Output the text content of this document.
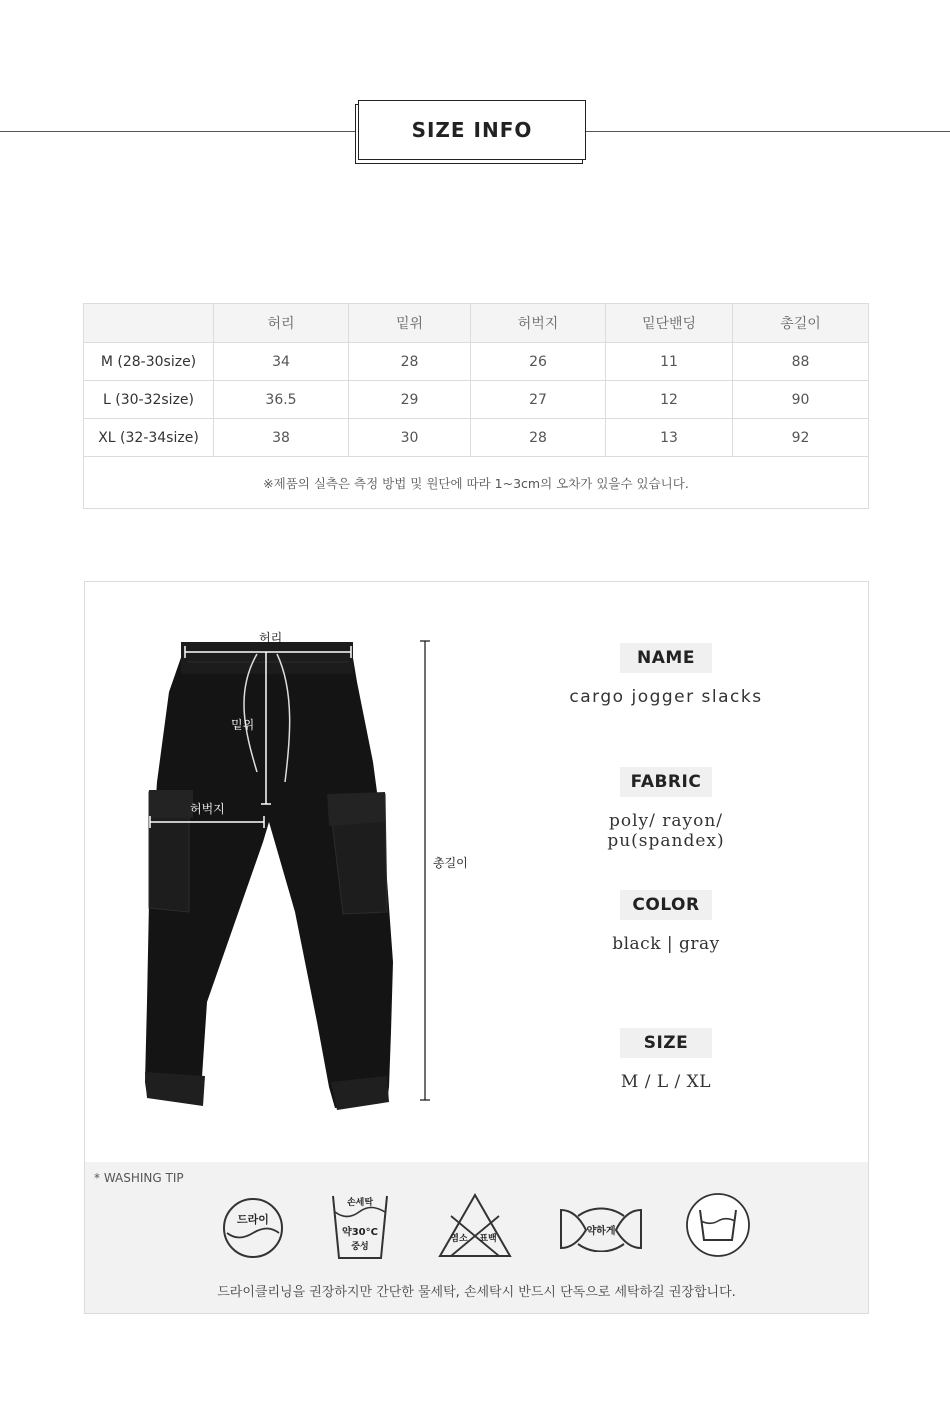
SIZE INFO
	허리	밑위	허벅지	밑단밴딩	총길이
M (28-30size)	34	28	26	11	88
L (30-32size)	36.5	29	27	12	90
XL (32-34size)	38	30	28	13	92
※제품의 실측은 측정 방법 및 원단에 따라 1~3cm의 오차가 있을수 있습니다.					
허리
밑위
허벅지
총길이
NAME
cargo jogger slacks
FABRIC
poly/ rayon/ pu(spandex)
COLOR
black | gray
SIZE
M / L / XL
* WASHING TIP
드라이
손세탁
약30°C
중성
염소 표백
약하게
드라이클리닝을 권장하지만 간단한 물세탁, 손세탁시 반드시 단독으로 세탁하길 권장합니다.
